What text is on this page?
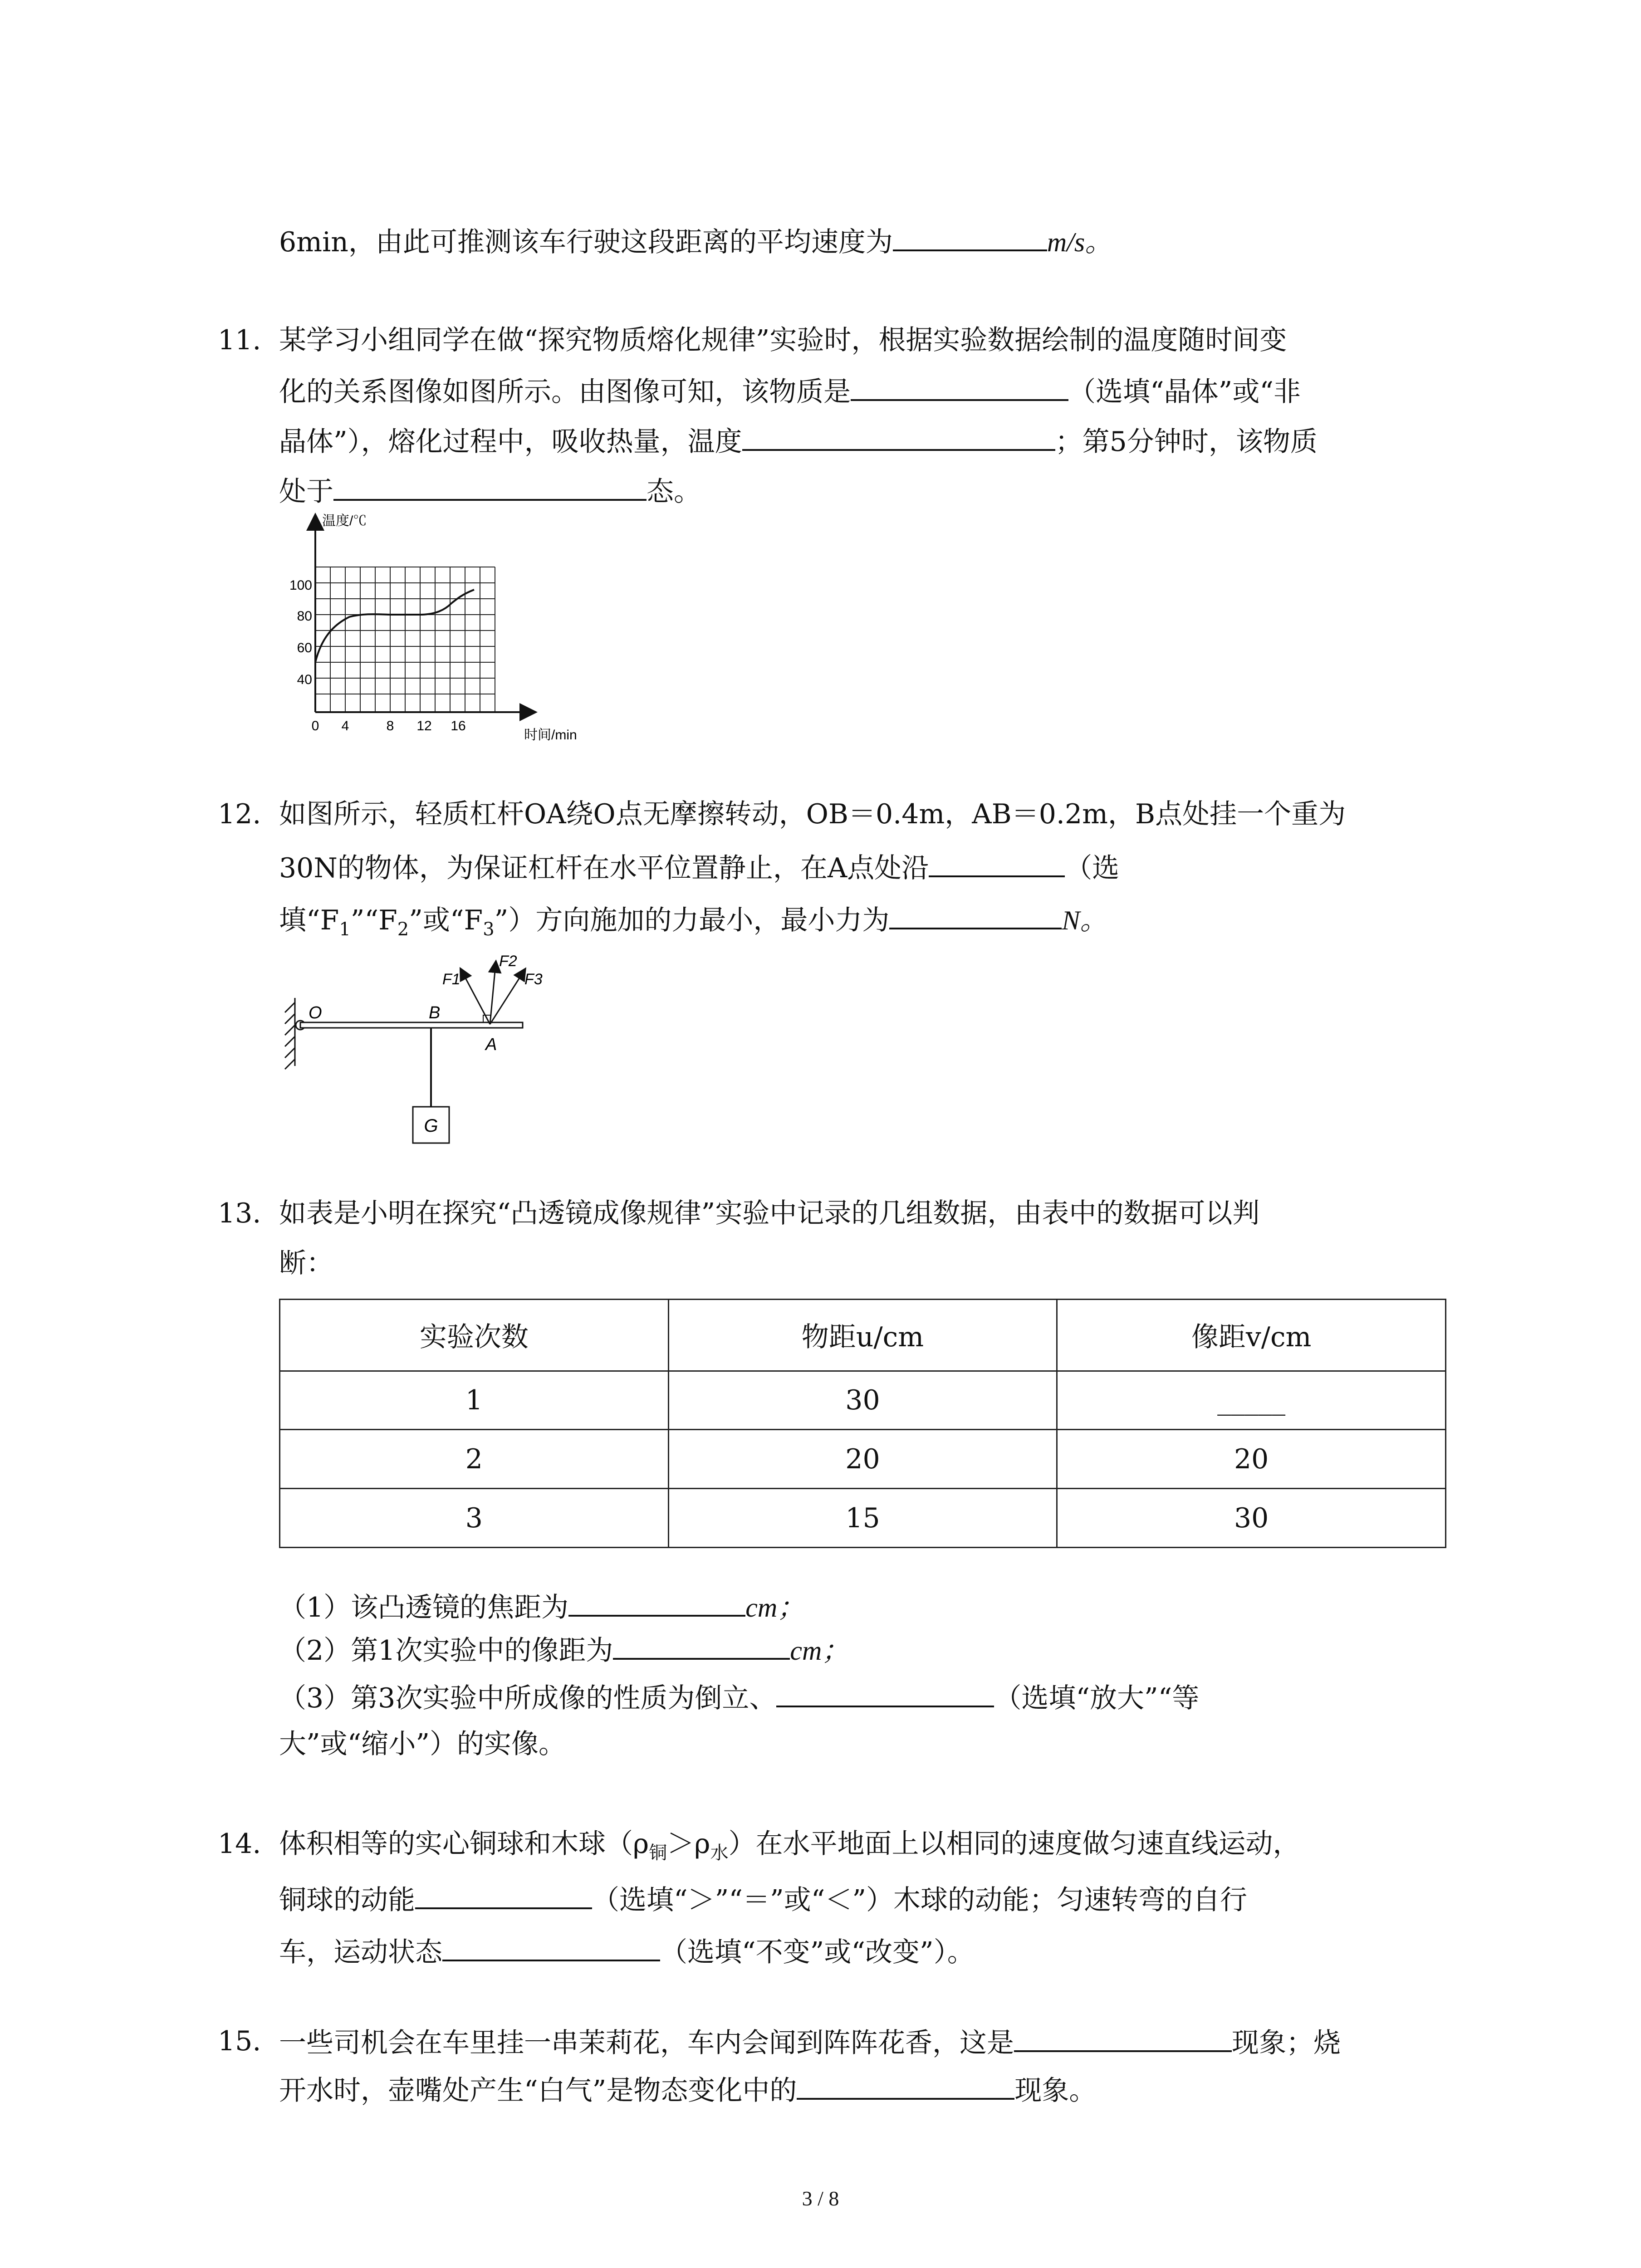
6min，由此可推测该车行驶这段距离的平均速度为	m/s。
11. 某学习小组同学在做“探究物质熔化规律”实验时，根据实验数据绘制的温度随时间变
化的关系图像如图所示。由图像可知，该物质是	（选填“晶体”或“非
晶体”），熔化过程中，吸收热量，温度	；第5分钟时，该物质
处于	态。
温度/℃
时间/min
40
60
80
100
0 4	8 12 16
12. 如图所示，轻质杠杆OA绕O点无摩擦转动，OB＝0.4m，AB＝0.2m，B点处挂一个重为
30N的物体，为保证杠杆在水平位置静止，在A点处沿	（选
填“$F_1”“F_2$”或“$F_3$”）方向施加的力最小，最小力为	N。
G
O	B
A
F1
F2
F3
13. 如表是小明在探究“凸透镜成像规律”实验中记录的几组数据，由表中的数据可以判
断：
实验次数	物距u/cm	像距v/cm
1	30	_____
2	20	20
3	15	30
（1）该凸透镜的焦距为	cm；
（2）第1次实验中的像距为	cm；
（3）第3次实验中所成像的性质为倒立、	（选填“放大”“等
大”或“缩小”）的实像。
14. 体积相等的实心铜球和木球$(\rho_铜>\rho_水)$在水平地面上以相同的速度做匀速直线运动，
铜球的动能	（选填“＞”“＝”或“＜”）木球的动能；匀速转弯的自行
车，运动状态	（选填“不变”或“改变”）。
15. 一些司机会在车里挂一串茉莉花，车内会闻到阵阵花香，这是	现象；烧
开水时，壶嘴处产生“白气”是物态变化中的	现象。
3 / 8
